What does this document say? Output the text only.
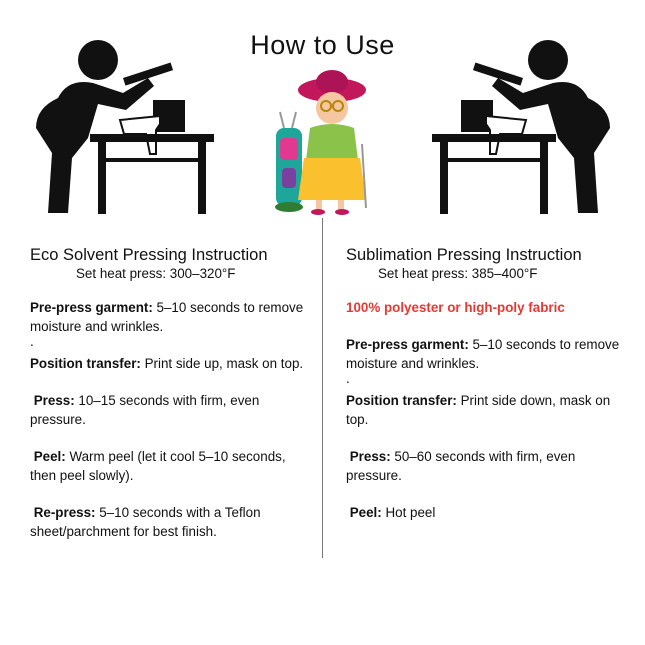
How to Use
Eco Solvent Pressing Instruction
Set heat press: 300–320°F

Pre-press garment: 5–10 seconds to remove moisture and wrinkles.

.

Position transfer: Print side up, mask on top.

Press: 10–15 seconds with firm, even pressure.

Peel: Warm peel (let it cool 5–10 seconds, then peel slowly).

Re-press: 5–10 seconds with a Teflon sheet/parchment for best finish.

Sublimation Pressing Instruction
Set heat press: 385–400°F
100% polyester or high-poly fabric

Pre-press garment: 5–10 seconds to remove moisture and wrinkles.

.

Position transfer: Print side down, mask on top.

Press: 50–60 seconds with firm, even pressure.

Peel: Hot peel
